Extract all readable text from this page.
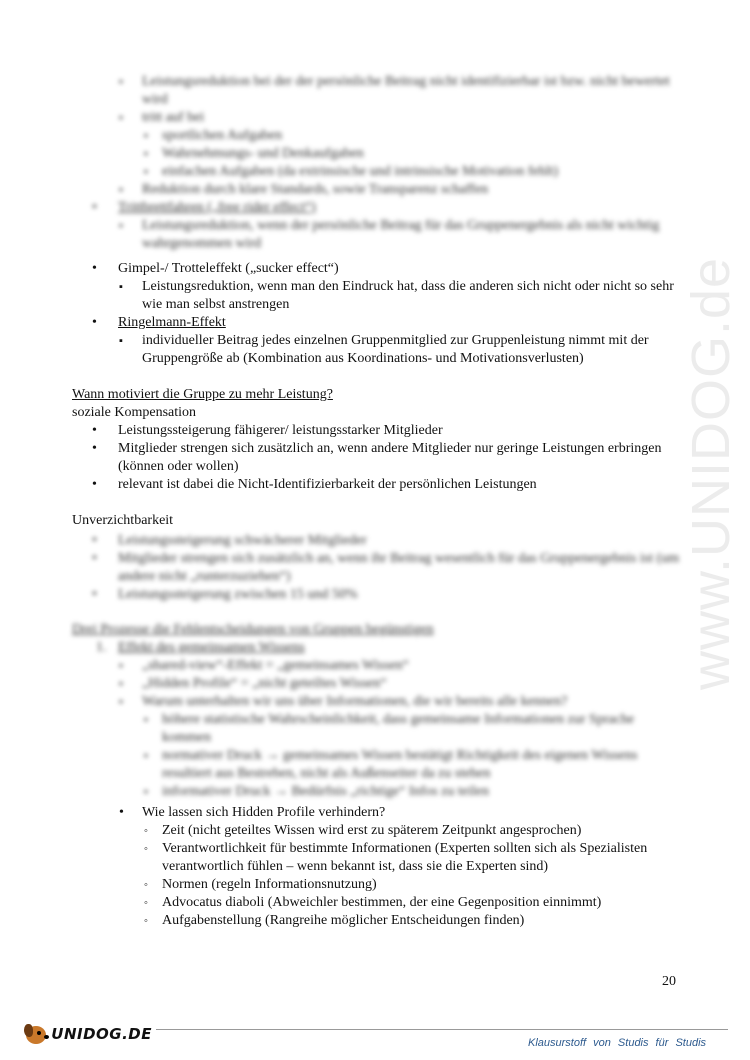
www.UNIDOG.de
▪ Leistungsreduktion bei der der persönliche Beitrag nicht identifizierbar ist bzw. nicht bewertet wird
▪ tritt auf bei
▪ sportlichen Aufgaben
▪ Wahrnehmungs- und Denkaufgaben
▪ einfachen Aufgaben (da extrinsische und intrinsische Motivation fehlt)
▪ Reduktion durch klare Standards, sowie Transparenz schaffen
• Trittbrettfahren („free rider effect“)
▪ Leistungsreduktion, wenn der persönliche Beitrag für das Gruppenergebnis als nicht wichtig wahrgenommen wird
• Gimpel-/ Trotteleffekt („sucker effect“)
▪ Leistungsreduktion, wenn man den Eindruck hat, dass die anderen sich nicht oder nicht so sehr wie man selbst anstrengen
• Ringelmann-Effekt
▪ individueller Beitrag jedes einzelnen Gruppenmitglied zur Gruppenleistung nimmt mit der Gruppengröße ab (Kombination aus Koordinations- und Motivationsverlusten)
Wann motiviert die Gruppe zu mehr Leistung?
soziale Kompensation
• Leistungssteigerung fähigerer/ leistungsstarker Mitglieder
• Mitglieder strengen sich zusätzlich an, wenn andere Mitglieder nur geringe Leistungen erbringen (können oder wollen)
• relevant ist dabei die Nicht-Identifizierbarkeit der persönlichen Leistungen
Unverzichtbarkeit
• Leistungssteigerung schwächerer Mitglieder
• Mitglieder strengen sich zusätzlich an, wenn ihr Beitrag wesentlich für das Gruppenergebnis ist (um andere nicht „runterzuziehen“)
• Leistungssteigerung zwischen 15 und 50%
Drei Prozesse die Fehlentscheidungen von Gruppen begünstigen
1. Effekt des gemeinsamen Wissens
▪ „shared-view“-Effekt = „gemeinsames Wissen“
▪ „Hidden Profile“ = „nicht geteiltes Wissen“
▪ Warum unterhalten wir uns über Informationen, die wir bereits alle kennen?
▪ höhere statistische Wahrscheinlichkeit, dass gemeinsame Informationen zur Sprache kommen
▪ normativer Druck → gemeinsames Wissen bestätigt Richtigkeit des eigenen Wissens resultiert aus Bestreben, nicht als Außenseiter da zu stehen
▪ informativer Druck → Bedürfnis „richtige“ Infos zu teilen
• Wie lassen sich Hidden Profile verhindern?
◦ Zeit (nicht geteiltes Wissen wird erst zu späterem Zeitpunkt angesprochen)
◦ Verantwortlichkeit für bestimmte Informationen (Experten sollten sich als Spezialisten verantwortlich fühlen – wenn bekannt ist, dass sie die Experten sind)
◦ Normen (regeln Informationsnutzung)
◦ Advocatus diaboli (Abweichler bestimmen, der eine Gegenposition einnimmt)
◦ Aufgabenstellung (Rangreihe möglicher Entscheidungen finden)
20
UNIDOG.DE	Klausurstoff von Studis für Studis
